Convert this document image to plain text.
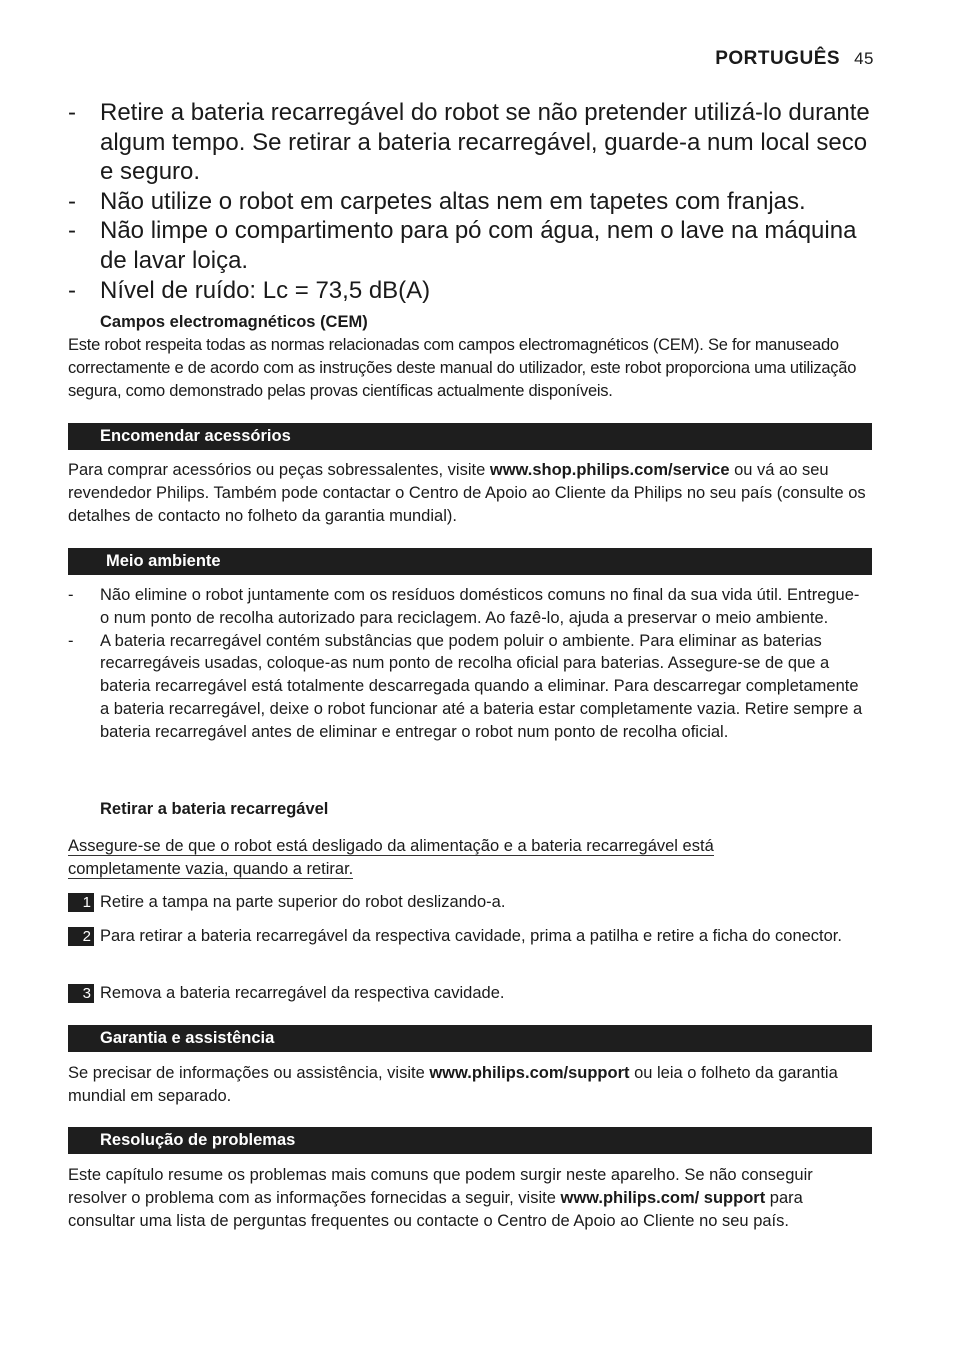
PORTUGUÊS 45
- Retire a bateria recarregável do robot se não pretender utilizá-lo durante algum tempo. Se retirar a bateria recarregável, guarde-a num local seco e seguro.
- Não utilize o robot em carpetes altas nem em tapetes com franjas.
- Não limpe o compartimento para pó com água, nem o lave na máquina de lavar loiça.
- Nível de ruído: Lc = 73,5 dB(A)
Campos electromagnéticos (CEM)
Este robot respeita todas as normas relacionadas com campos electromagnéticos (CEM). Se for manuseado correctamente e de acordo com as instruções deste manual do utilizador, este robot proporciona uma utilização segura, como demonstrado pelas provas científicas actualmente disponíveis.
Encomendar acessórios
Para comprar acessórios ou peças sobressalentes, visite www.shop.philips.com/service ou vá ao seu revendedor Philips. Também pode contactar o Centro de Apoio ao Cliente da Philips no seu país (consulte os detalhes de contacto no folheto da garantia mundial).
Meio ambiente
- Não elimine o robot juntamente com os resíduos domésticos comuns no final da sua vida útil. Entregue-o num ponto de recolha autorizado para reciclagem. Ao fazê-lo, ajuda a preservar o meio ambiente.
- A bateria recarregável contém substâncias que podem poluir o ambiente. Para eliminar as baterias recarregáveis usadas, coloque-as num ponto de recolha oficial para baterias. Assegure-se de que a bateria recarregável está totalmente descarregada quando a eliminar. Para descarregar completamente a bateria recarregável, deixe o robot funcionar até a bateria estar completamente vazia. Retire sempre a bateria recarregável antes de eliminar e entregar o robot num ponto de recolha oficial.
Retirar a bateria recarregável
Assegure-se de que o robot está desligado da alimentação e a bateria recarregável está
completamente vazia, quando a retirar.
1 Retire a tampa na parte superior do robot deslizando-a.
2 Para retirar a bateria recarregável da respectiva cavidade, prima a patilha e retire a ficha do conector.
3 Remova a bateria recarregável da respectiva cavidade.
Garantia e assistência
Se precisar de informações ou assistência, visite www.philips.com/support ou leia o folheto da garantia mundial em separado.
Resolução de problemas
Este capítulo resume os problemas mais comuns que podem surgir neste aparelho. Se não conseguir resolver o problema com as informações fornecidas a seguir, visite www.philips.com/ support para consultar uma lista de perguntas frequentes ou contacte o Centro de Apoio ao Cliente no seu país.
